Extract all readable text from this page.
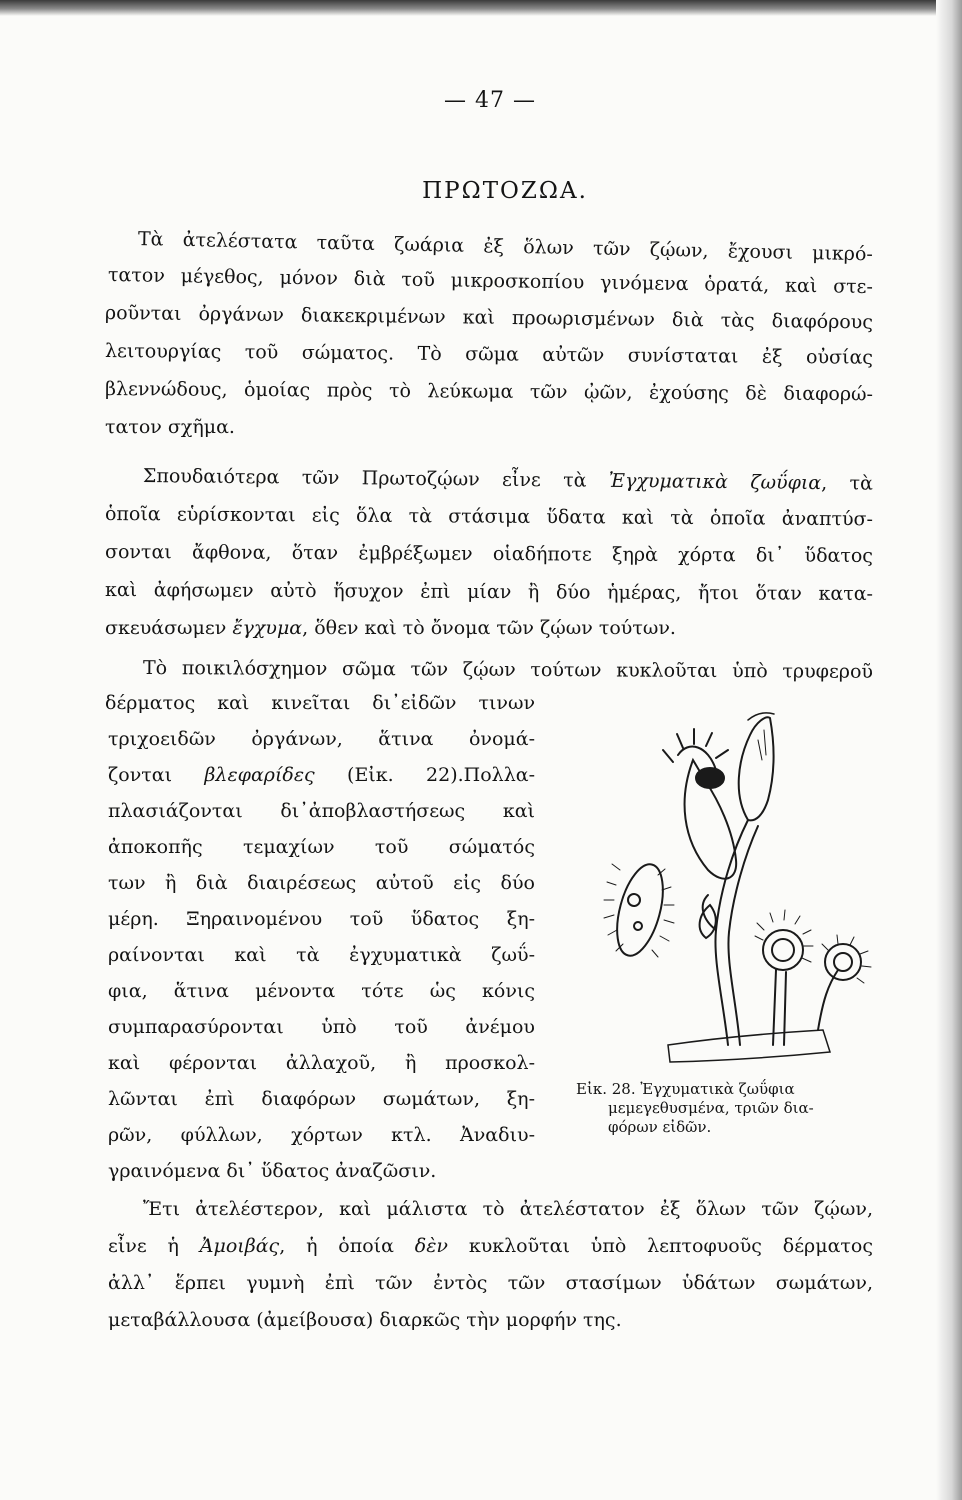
— 47 —
ΠΡΩΤΟΖΩΑ.
Τὰ ἀτελέστατα ταῦτα ζωάρια ἐξ ὅλων τῶν ζῴων, ἔχουσι μικρό-
τατον μέγεθος, μόνον διὰ τοῦ μικροσκοπίου γινόμενα ὁρατά, καὶ στε-
ροῦνται ὀργάνων διακεκριμένων καὶ προωρισμένων διὰ τὰς διαφόρους
λειτουργίας τοῦ σώματος. Τὸ σῶμα αὐτῶν συνίσταται ἐξ οὐσίας
βλεννώδους, ὁμοίας πρὸς τὸ λεύκωμα τῶν ᾠῶν, ἐχούσης δὲ διαφορώ-
τατον σχῆμα.
Σπουδαιότερα τῶν Πρωτοζῴων εἶνε τὰ Ἐγχυματικὰ ζωΰφια, τὰ
ὁποῖα εὑρίσκονται εἰς ὅλα τὰ στάσιμα ὕδατα καὶ τὰ ὁποῖα ἀναπτύσ-
σονται ἄφθονα, ὅταν ἐμβρέξωμεν οἱαδήποτε ξηρὰ χόρτα δι᾽ ὕδατος
καὶ ἀφήσωμεν αὐτὸ ἥσυχον ἐπὶ μίαν ἢ δύο ἡμέρας, ἤτοι ὅταν κατα-
σκευάσωμεν ἔγχυμα, ὅθεν καὶ τὸ ὄνομα τῶν ζῴων τούτων.
Τὸ ποικιλόσχημον σῶμα τῶν ζῴων τούτων κυκλοῦται ὑπὸ τρυφεροῦ
δέρματος καὶ κινεῖται δι᾽εἰδῶν τινων
τριχοειδῶν ὀργάνων, ἅτινα ὀνομά-
ζονται βλεφαρίδες (Εἰκ. 22).Πολλα-
πλασιάζονται δι᾽ἀποβλαστήσεως καὶ
ἀποκοπῆς τεμαχίων τοῦ σώματός
των ἢ διὰ διαιρέσεως αὐτοῦ εἰς δύο
μέρη. Ξηραινομένου τοῦ ὕδατος ξη-
ραίνονται καὶ τὰ ἐγχυματικὰ ζωΰ-
φια, ἅτινα μένοντα τότε ὡς κόνις
συμπαρασύρονται ὑπὸ τοῦ ἀνέμου
καὶ φέρονται ἀλλαχοῦ, ἢ προσκολ-
λῶνται ἐπὶ διαφόρων σωμάτων, ξη-
ρῶν, φύλλων, χόρτων κτλ. Ἀναδιυ-
γραινόμενα δι᾽ ὕδατος ἀναζῶσιν.
Εἰκ. 28. Ἐγχυματικὰ ζωΰφια
μεμεγεθυσμένα, τριῶν δια-
φόρων εἰδῶν.
Ἔτι ἀτελέστερον, καὶ μάλιστα τὸ ἀτελέστατον ἐξ ὅλων τῶν ζῴων,
εἶνε ἡ Ἀμοιβάς, ἡ ὁποία δὲν κυκλοῦται ὑπὸ λεπτοφυοῦς δέρματος
ἀλλ᾽ ἕρπει γυμνὴ ἐπὶ τῶν ἐντὸς τῶν στασίμων ὑδάτων σωμάτων,
μεταβάλλουσα (ἀμείβουσα) διαρκῶς τὴν μορφήν της.
